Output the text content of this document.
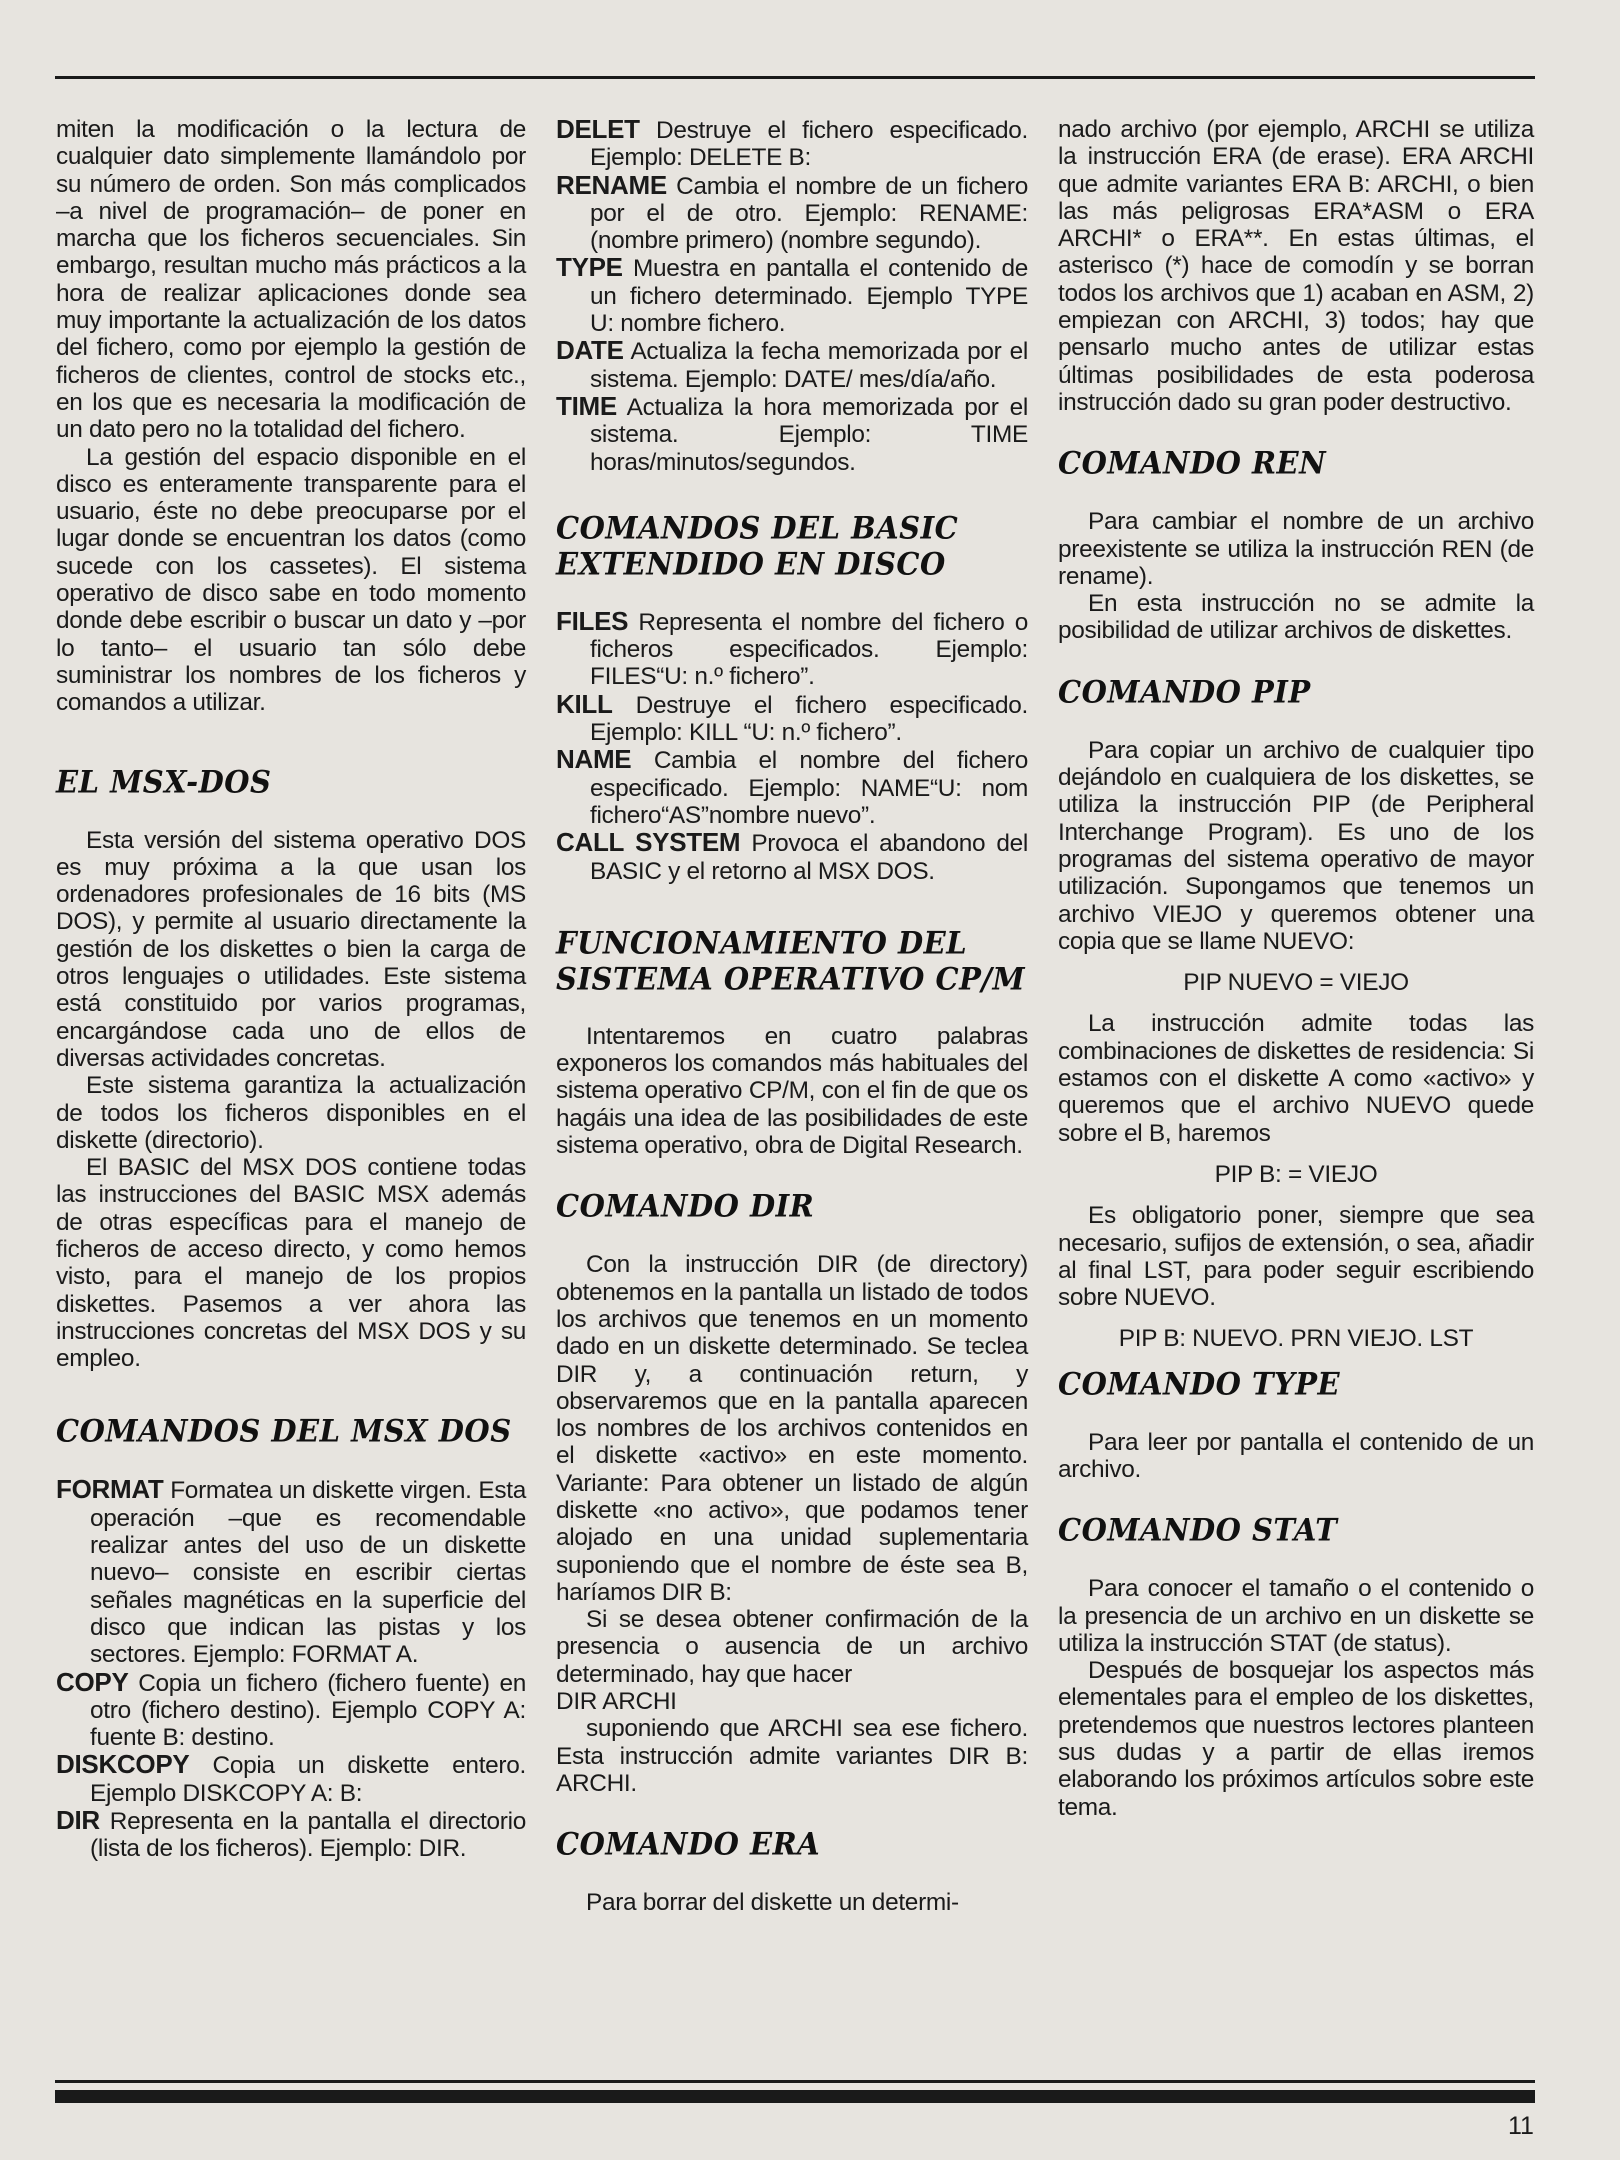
miten la modificación o la lectura de cualquier dato simplemente llamándolo por su número de orden. Son más complicados –a nivel de programación– de poner en marcha que los ficheros secuenciales. Sin embargo, resultan mucho más prácticos a la hora de realizar aplicaciones donde sea muy importante la actualización de los datos del fichero, como por ejemplo la gestión de ficheros de clientes, control de stocks etc., en los que es necesaria la modificación de un dato pero no la totalidad del fichero.

La gestión del espacio disponible en el disco es enteramente transparente para el usuario, éste no debe preocuparse por el lugar donde se encuentran los datos (como sucede con los cassetes). El sistema operativo de disco sabe en todo momento donde debe escribir o buscar un dato y –por lo tanto– el usuario tan sólo debe suministrar los nombres de los ficheros y comandos a utilizar.

EL MSX-DOS

Esta versión del sistema operativo DOS es muy próxima a la que usan los ordenadores profesionales de 16 bits (MS DOS), y permite al usuario directamente la gestión de los diskettes o bien la carga de otros lenguajes o utilidades. Este sistema está constituido por varios programas, encargándose cada uno de ellos de diversas actividades concretas.

Este sistema garantiza la actualización de todos los ficheros disponibles en el diskette (directorio).

El BASIC del MSX DOS contiene todas las instrucciones del BASIC MSX además de otras específicas para el manejo de ficheros de acceso directo, y como hemos visto, para el manejo de los propios diskettes. Pasemos a ver ahora las instrucciones concretas del MSX DOS y su empleo.

COMANDOS DEL MSX DOS

FORMAT Formatea un diskette virgen. Esta operación –que es recomendable realizar antes del uso de un diskette nuevo– consiste en escribir ciertas señales magnéticas en la superficie del disco que indican las pistas y los sectores. Ejemplo: FORMAT A.

COPY Copia un fichero (fichero fuente) en otro (fichero destino). Ejemplo COPY A: fuente B: destino.

DISKCOPY Copia un diskette entero. Ejemplo DISKCOPY A: B:

DIR Representa en la pantalla el directorio (lista de los ficheros). Ejemplo: DIR.

DELET Destruye el fichero especificado. Ejemplo: DELETE B:

RENAME Cambia el nombre de un fichero por el de otro. Ejemplo: RENAME: (nombre primero) (nombre segundo).

TYPE Muestra en pantalla el contenido de un fichero determinado. Ejemplo TYPE U: nombre fichero.

DATE Actualiza la fecha memorizada por el sistema. Ejemplo: DATE/ mes/día/año.

TIME Actualiza la hora memorizada por el sistema. Ejemplo: TIME horas/minutos/segundos.

COMANDOS DEL BASIC EXTENDIDO EN DISCO

FILES Representa el nombre del fichero o ficheros especificados. Ejemplo: FILES“U: n.º fichero”.

KILL Destruye el fichero especificado. Ejemplo: KILL “U: n.º fichero”.

NAME Cambia el nombre del fichero especificado. Ejemplo: NAME“U: nom fichero“AS”nombre nuevo”.

CALL SYSTEM Provoca el abandono del BASIC y el retorno al MSX DOS.

FUNCIONAMIENTO DEL SISTEMA OPERATIVO CP/M

Intentaremos en cuatro palabras exponeros los comandos más habituales del sistema operativo CP/M, con el fin de que os hagáis una idea de las posibilidades de este sistema operativo, obra de Digital Research.

COMANDO DIR

Con la instrucción DIR (de directory) obtenemos en la pantalla un listado de todos los archivos que tenemos en un momento dado en un diskette determinado. Se teclea DIR y, a continuación return, y observaremos que en la pantalla aparecen los nombres de los archivos contenidos en el diskette «activo» en este momento. Variante: Para obtener un listado de algún diskette «no activo», que podamos tener alojado en una unidad suplementaria suponiendo que el nombre de éste sea B, haríamos DIR B:

Si se desea obtener confirmación de la presencia o ausencia de un archivo determinado, hay que hacer

DIR ARCHI

suponiendo que ARCHI sea ese fichero. Esta instrucción admite variantes DIR B: ARCHI.

COMANDO ERA

Para borrar del diskette un determi-

nado archivo (por ejemplo, ARCHI se utiliza la instrucción ERA (de erase). ERA ARCHI que admite variantes ERA B: ARCHI, o bien las más peligrosas ERA*ASM o ERA ARCHI* o ERA**. En estas últimas, el asterisco (*) hace de comodín y se borran todos los archivos que 1) acaban en ASM, 2) empiezan con ARCHI, 3) todos; hay que pensarlo mucho antes de utilizar estas últimas posibilidades de esta poderosa instrucción dado su gran poder destructivo.

COMANDO REN

Para cambiar el nombre de un archivo preexistente se utiliza la instrucción REN (de rename).

En esta instrucción no se admite la posibilidad de utilizar archivos de diskettes.

COMANDO PIP

Para copiar un archivo de cualquier tipo dejándolo en cualquiera de los diskettes, se utiliza la instrucción PIP (de Peripheral Interchange Program). Es uno de los programas del sistema operativo de mayor utilización. Supongamos que tenemos un archivo VIEJO y queremos obtener una copia que se llame NUEVO:

PIP NUEVO = VIEJO

La instrucción admite todas las combinaciones de diskettes de residencia: Si estamos con el diskette A como «activo» y queremos que el archivo NUEVO quede sobre el B, haremos

PIP B: = VIEJO

Es obligatorio poner, siempre que sea necesario, sufijos de extensión, o sea, añadir al final LST, para poder seguir escribiendo sobre NUEVO.

PIP B: NUEVO. PRN VIEJO. LST

COMANDO TYPE

Para leer por pantalla el contenido de un archivo.

COMANDO STAT

Para conocer el tamaño o el contenido o la presencia de un archivo en un diskette se utiliza la instrucción STAT (de status).

Después de bosquejar los aspectos más elementales para el empleo de los diskettes, pretendemos que nuestros lectores planteen sus dudas y a partir de ellas iremos elaborando los próximos artículos sobre este tema.

11
